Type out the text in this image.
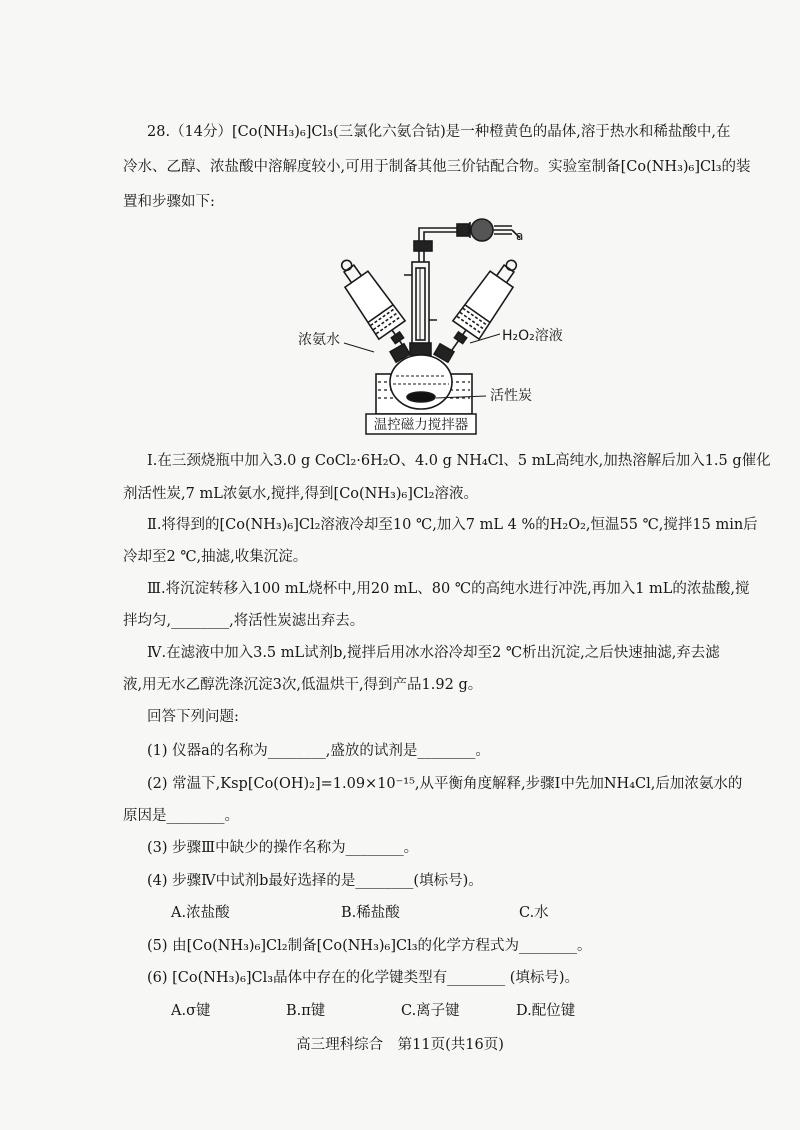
28.（14分）[Co(NH₃)₆]Cl₃(三氯化六氨合钴)是一种橙黄色的晶体,溶于热水和稀盐酸中,在
冷水、乙醇、浓盐酸中溶解度较小,可用于制备其他三价钴配合物。实验室制备[Co(NH₃)₆]Cl₃的装
置和步骤如下:
a
浓氨水	H₂O₂溶液
活性炭
温控磁力搅拌器
Ⅰ.在三颈烧瓶中加入3.0 g CoCl₂·6H₂O、4.0 g NH₄Cl、5 mL高纯水,加热溶解后加入1.5 g催化
剂活性炭,7 mL浓氨水,搅拌,得到[Co(NH₃)₆]Cl₂溶液。
Ⅱ.将得到的[Co(NH₃)₆]Cl₂溶液冷却至10 ℃,加入7 mL 4 %的H₂O₂,恒温55 ℃,搅拌15 min后
冷却至2 ℃,抽滤,收集沉淀。
Ⅲ.将沉淀转移入100 mL烧杯中,用20 mL、80 ℃的高纯水进行冲洗,再加入1 mL的浓盐酸,搅
拌均匀,________,将活性炭滤出弃去。
Ⅳ.在滤液中加入3.5 mL试剂b,搅拌后用冰水浴冷却至2 ℃析出沉淀,之后快速抽滤,弃去滤
液,用无水乙醇洗涤沉淀3次,低温烘干,得到产品1.92 g。
回答下列问题:
(1) 仪器a的名称为________,盛放的试剂是________。
(2) 常温下,Ksp[Co(OH)₂]=1.09×10⁻¹⁵,从平衡角度解释,步骤Ⅰ中先加NH₄Cl,后加浓氨水的
原因是________。
(3) 步骤Ⅲ中缺少的操作名称为________。
(4) 步骤Ⅳ中试剂b最好选择的是________(填标号)。
A.浓盐酸	B.稀盐酸	C.水
(5) 由[Co(NH₃)₆]Cl₂制备[Co(NH₃)₆]Cl₃的化学方程式为________。
(6) [Co(NH₃)₆]Cl₃晶体中存在的化学键类型有________ (填标号)。
A.σ键	B.π键	C.离子键	D.配位键
高三理科综合　第11页(共16页)
